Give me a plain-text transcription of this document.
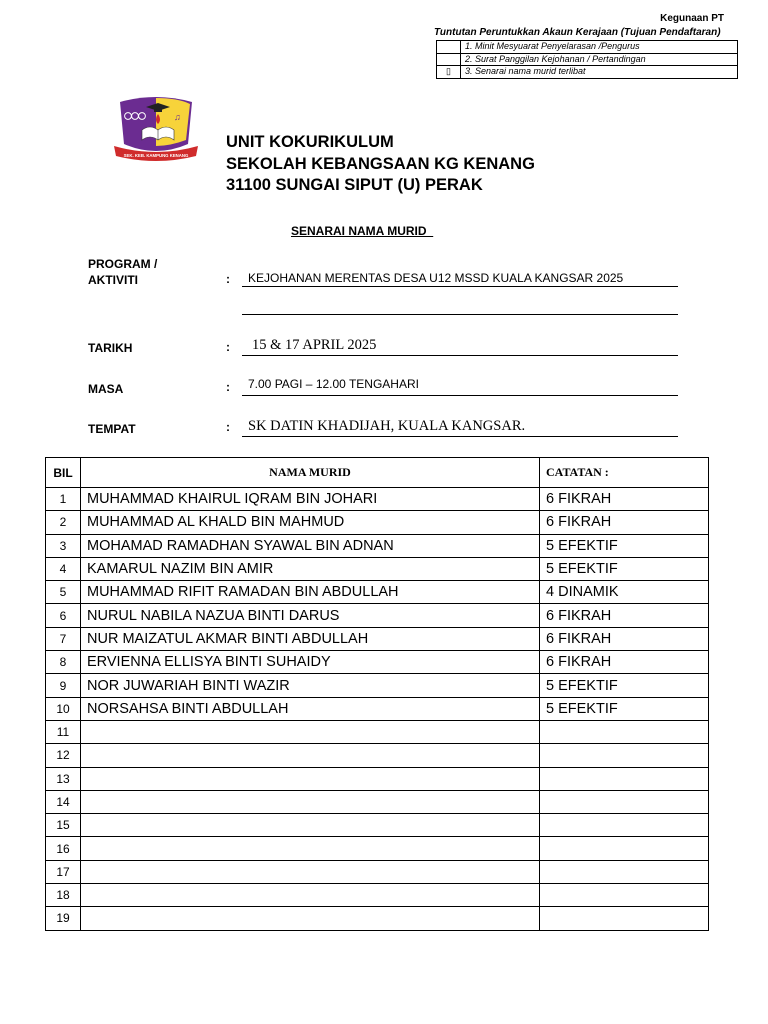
Kegunaan PT
Tuntutan Peruntukkan Akaun Kerajaan (Tujuan Pendaftaran)
	1. Minit Mesyuarat Penyelarasan /Pengurus
	2. Surat Panggilan Kejohanan / Pertandingan
▯	3. Senarai nama murid terlibat
♫
SEK. KEB. KAMPUNG KENANG
UNIT KOKURIKULUM
SEKOLAH KEBANGSAAN KG KENANG
31100 SUNGAI SIPUT (U) PERAK
SENARAI NAMA MURID
PROGRAM /
AKTIVITI	:	KEJOHANAN MERENTAS DESA U12 MSSD KUALA KANGSAR 2025
TARIKH	:	15 & 17 APRIL 2025
MASA	:	7.00 PAGI – 12.00 TENGAHARI
TEMPAT	:	SK DATIN KHADIJAH, KUALA KANGSAR.
BIL	NAMA MURID	CATATAN :
1	MUHAMMAD KHAIRUL IQRAM BIN JOHARI	6 FIKRAH
2	MUHAMMAD AL KHALD BIN MAHMUD	6 FIKRAH
3	MOHAMAD RAMADHAN SYAWAL BIN ADNAN	5 EFEKTIF
4	KAMARUL NAZIM BIN AMIR	5 EFEKTIF
5	MUHAMMAD RIFIT RAMADAN BIN ABDULLAH	4 DINAMIK
6	NURUL NABILA NAZUA BINTI DARUS	6 FIKRAH
7	NUR MAIZATUL AKMAR BINTI ABDULLAH	6 FIKRAH
8	ERVIENNA ELLISYA BINTI SUHAIDY	6 FIKRAH
9	NOR JUWARIAH BINTI WAZIR	5 EFEKTIF
10	NORSAHSA BINTI ABDULLAH	5 EFEKTIF
11		
12		
13		
14		
15		
16		
17		
18		
19		
